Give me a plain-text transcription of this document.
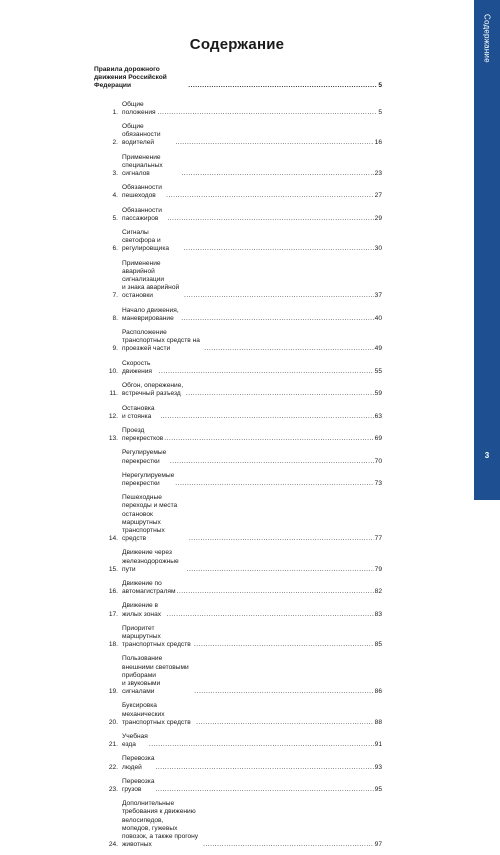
Содержание
3
Содержание
Правила дорожного движения Российской Федерации .....	5
1.
Общие положения .....	5
2.
Общие обязанности водителей .....	16
3.
Применение специальных сигналов .....	23
4.
Обязанности пешеходов .....	27
5.
Обязанности пассажиров .....	29
6.
Сигналы светофора и регулировщика .....	30
7.
Применение аварийной сигнализации
и знака аварийной остановки .....	37
8.
Начало движения, маневрирование .....	40
9.
Расположение транспортных средств на проезжей части .....	49
10.
Скорость движения .....	55
11.
Обгон, опережение, встречный разъезд .....	59
12.
Остановка и стоянка .....	63
13.
Проезд перекрестков .....	69
Регулируемые перекрестки .....	70
Нерегулируемые перекрестки .....	73
14.
Пешеходные переходы и места остановок
маршрутных транспортных средств .....	77
15.
Движение через железнодорожные пути .....	79
16.
Движение по автомагистралям .....	82
17.
Движение в жилых зонах .....	83
18.
Приоритет маршрутных транспортных средств .....	85
19.
Пользование внешними световыми приборами
и звуковыми сигналами .....	86
20.
Буксировка механических транспортных средств .....	88
21.
Учебная езда .....	91
22.
Перевозка людей .....	93
23.
Перевозка грузов .....	95
24.
Дополнительные требования к движению велосипедов,
мопедов, гужевых повозок, а также прогону животных .....	97
